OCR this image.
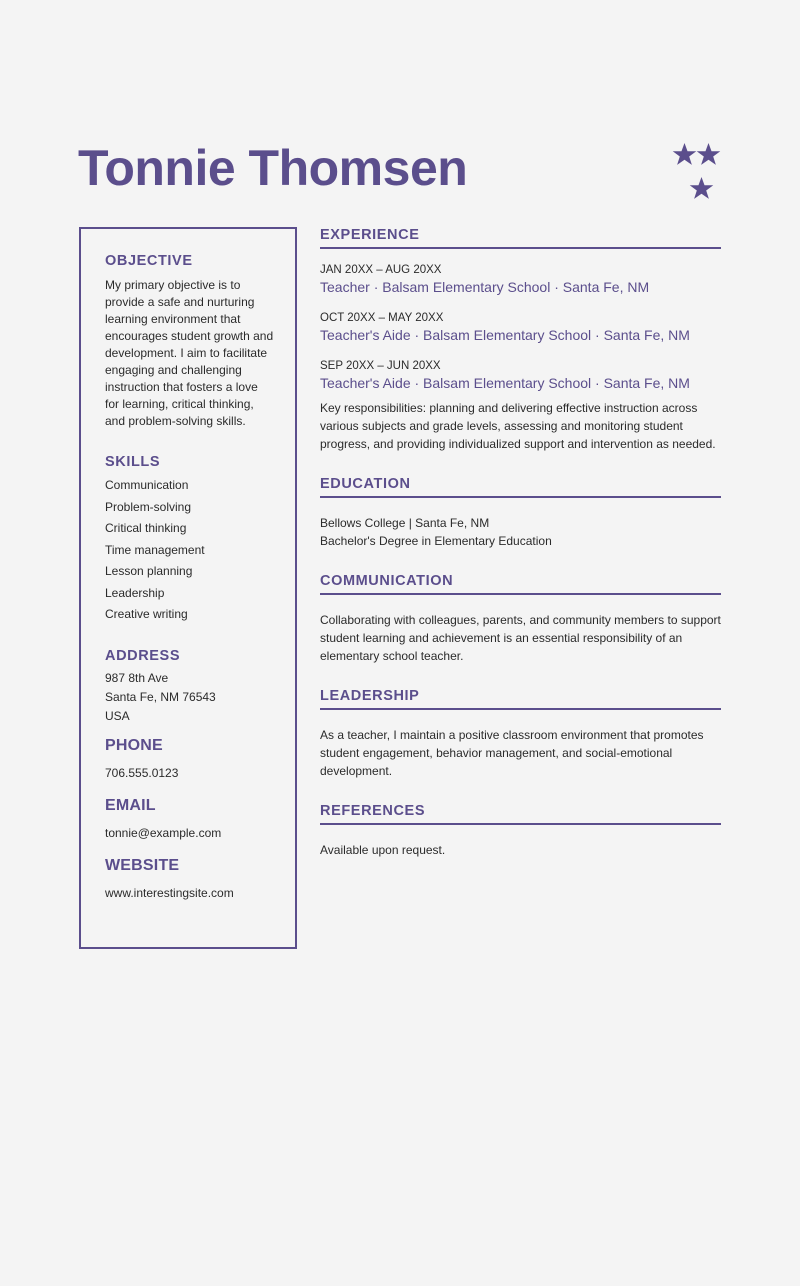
Tonnie Thomsen
OBJECTIVE

My primary objective is to provide a safe and nurturing learning environment that encourages student growth and development. I aim to facilitate engaging and challenging instruction that fosters a love for learning, critical thinking, and problem-solving skills.

SKILLS
Communication
Problem-solving
Critical thinking
Time management
Lesson planning
Leadership
Creative writing
ADDRESS
987 8th Ave
Santa Fe, NM 76543
USA
PHONE
706.555.0123
EMAIL
tonnie@example.com
WEBSITE
www.interestingsite.com
EXPERIENCE
JAN 20XX – AUG 20XX
Teacher · Balsam Elementary School · Santa Fe, NM
OCT 20XX – MAY 20XX
Teacher's Aide · Balsam Elementary School · Santa Fe, NM
SEP 20XX – JUN 20XX
Teacher's Aide · Balsam Elementary School · Santa Fe, NM

Key responsibilities: planning and delivering effective instruction across various subjects and grade levels, assessing and monitoring student progress, and providing individualized support and intervention as needed.

EDUCATION
Bellows College | Santa Fe, NM
Bachelor's Degree in Elementary Education
COMMUNICATION

Collaborating with colleagues, parents, and community members to support student learning and achievement is an essential responsibility of an elementary school teacher.

LEADERSHIP

As a teacher, I maintain a positive classroom environment that promotes student engagement, behavior management, and social-emotional development.

REFERENCES

Available upon request.
